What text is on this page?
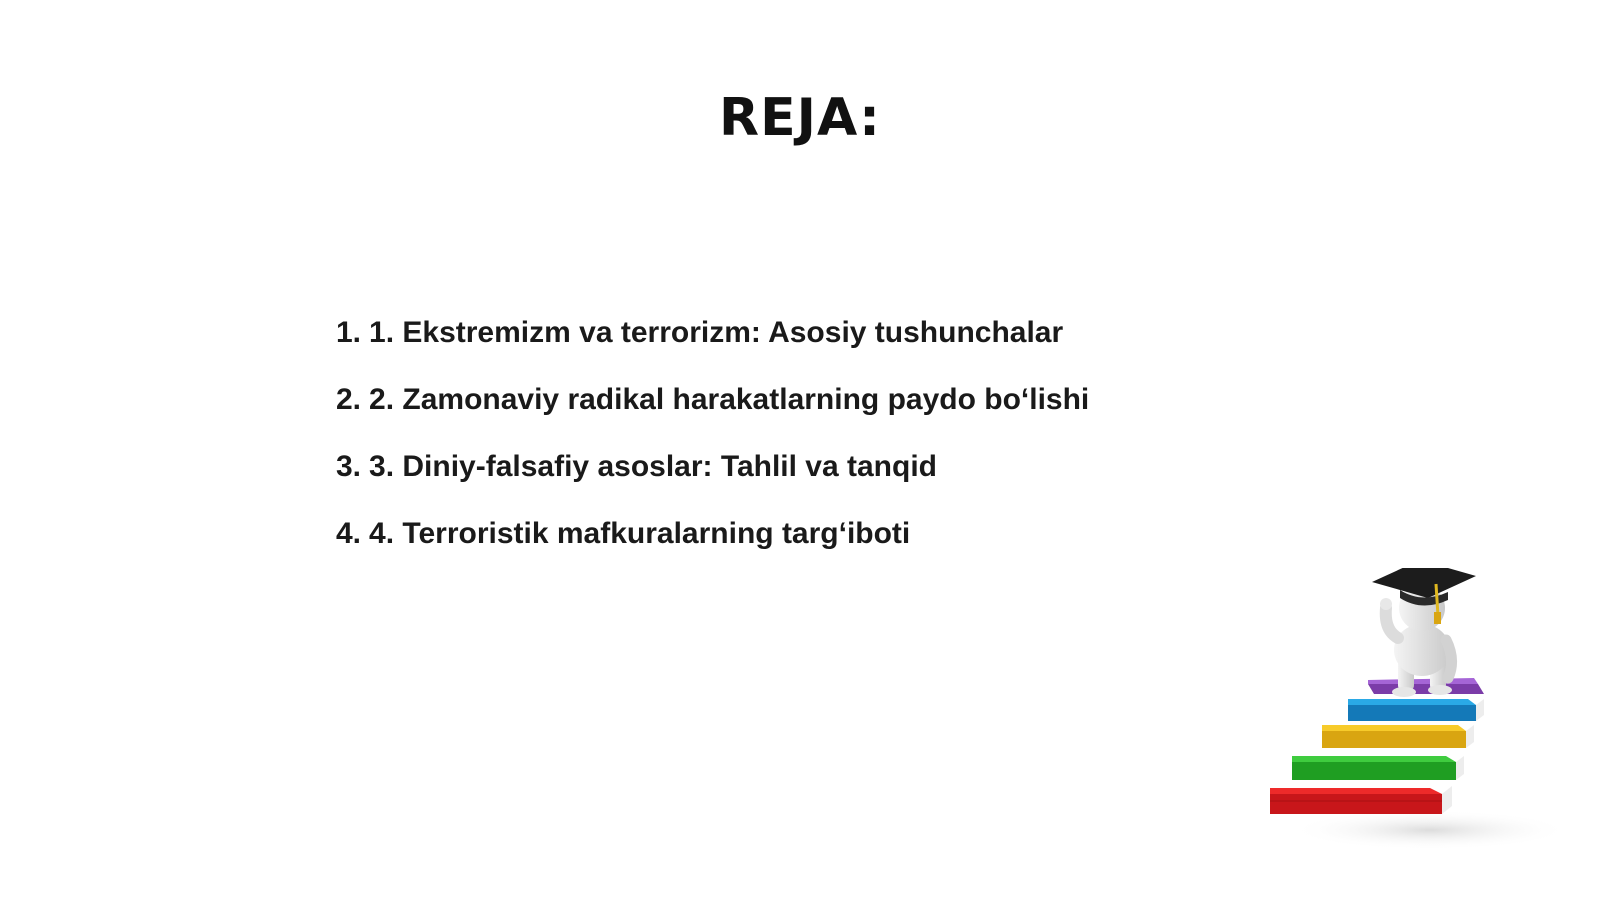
REJA:
1. 1. Ekstremizm va terrorizm: Asosiy tushunchalar
2. 2. Zamonaviy radikal harakatlarning paydo bo‘lishi
3. 3. Diniy-falsafiy asoslar: Tahlil va tanqid
4. 4. Terroristik mafkuralarning targ‘iboti
